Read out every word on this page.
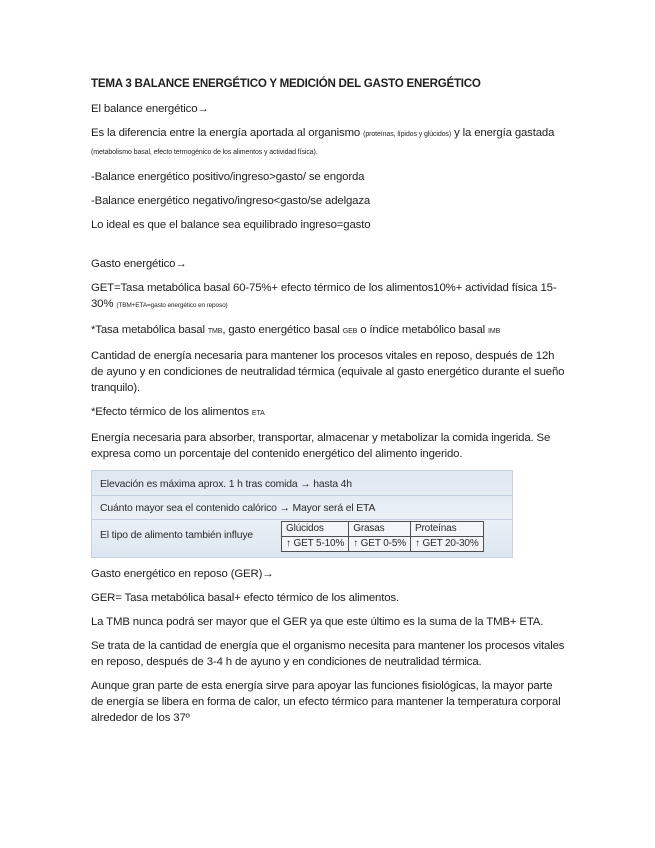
TEMA 3 BALANCE ENERGÉTICO Y MEDICIÓN DEL GASTO ENERGÉTICO

El balance energético→

Es la diferencia entre la energía aportada al organismo (proteínas, lípidos y glúcidos) y la energía gastada (metabolismo basal, efecto termogénico de los alimentos y actividad física).

-Balance energético positivo/ingreso>gasto/ se engorda

-Balance energético negativo/ingreso<gasto/se adelgaza

Lo ideal es que el balance sea equilibrado ingreso=gasto

Gasto energético→

GET=Tasa metabólica basal 60-75%+ efecto térmico de los alimentos10%+ actividad física 15-30% (TBM+ETA=gasto energético en reposo)

*Tasa metabólica basal TMB, gasto energético basal GEB o índice metabólico basal IMB

Cantidad de energía necesaria para mantener los procesos vitales en reposo, después de 12h de ayuno y en condiciones de neutralidad térmica (equivale al gasto energético durante el sueño tranquilo).

*Efecto térmico de los alimentos ETA

Energía necesaria para absorber, transportar, almacenar y metabolizar la comida ingerida. Se expresa como un porcentaje del contenido energético del alimento ingerido.

Elevación es máxima aprox. 1 h tras comida → hasta 4h
Cuánto mayor sea el contenido calórico → Mayor será el ETA
El tipo de alimento también influye
Glúcidos	Grasas	Proteínas
↑ GET 5-10%	↑ GET 0-5%	↑ GET 20-30%

Gasto energético en reposo (GER)→

GER= Tasa metabólica basal+ efecto térmico de los alimentos.

La TMB nunca podrá ser mayor que el GER ya que este último es la suma de la TMB+ ETA.

Se trata de la cantidad de energía que el organismo necesita para mantener los procesos vitales en reposo, después de 3-4 h de ayuno y en condiciones de neutralidad térmica.

Aunque gran parte de esta energía sirve para apoyar las funciones fisiológicas, la mayor parte de energía se libera en forma de calor, un efecto térmico para mantener la temperatura corporal alrededor de los 37º
